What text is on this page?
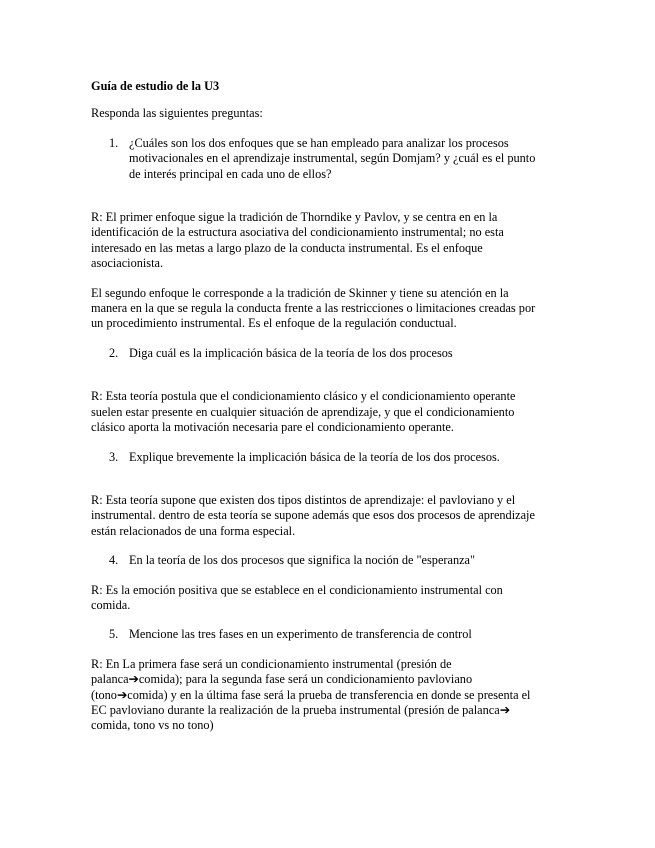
Guía de estudio de la U3

Responda las siguientes preguntas:

1. ¿Cuáles son los dos enfoques que se han empleado para analizar los procesos
motivacionales en el aprendizaje instrumental, según Domjam? y ¿cuál es el punto
de interés principal en cada uno de ellos?
R: El primer enfoque sigue la tradición de Thorndike y Pavlov, y se centra en en la
identificación de la estructura asociativa del condicionamiento instrumental; no esta
interesado en las metas a largo plazo de la conducta instrumental. Es el enfoque
asociacionista.
El segundo enfoque le corresponde a la tradición de Skinner y tiene su atención en la
manera en la que se regula la conducta frente a las restricciones o limitaciones creadas por
un procedimiento instrumental. Es el enfoque de la regulación conductual.
2. Diga cuál es la implicación básica de la teoría de los dos procesos
R: Esta teoría postula que el condicionamiento clásico y el condicionamiento operante
suelen estar presente en cualquier situación de aprendizaje, y que el condicionamiento
clásico aporta la motivación necesaria pare el condicionamiento operante.
3. Explique brevemente la implicación básica de la teoría de los dos procesos.
R: Esta teoría supone que existen dos tipos distintos de aprendizaje: el pavloviano y el
instrumental. dentro de esta teoría se supone además que esos dos procesos de aprendizaje
están relacionados de una forma especial.
4. En la teoría de los dos procesos que significa la noción de "esperanza"
R: Es la emoción positiva que se establece en el condicionamiento instrumental con
comida.
5. Mencione las tres fases en un experimento de transferencia de control
R: En La primera fase será un condicionamiento instrumental (presión de
palanca➔comida); para la segunda fase será un condicionamiento pavloviano
(tono➔comida) y en la última fase será la prueba de transferencia en donde se presenta el
EC pavloviano durante la realización de la prueba instrumental (presión de palanca➔
comida, tono vs no tono)
